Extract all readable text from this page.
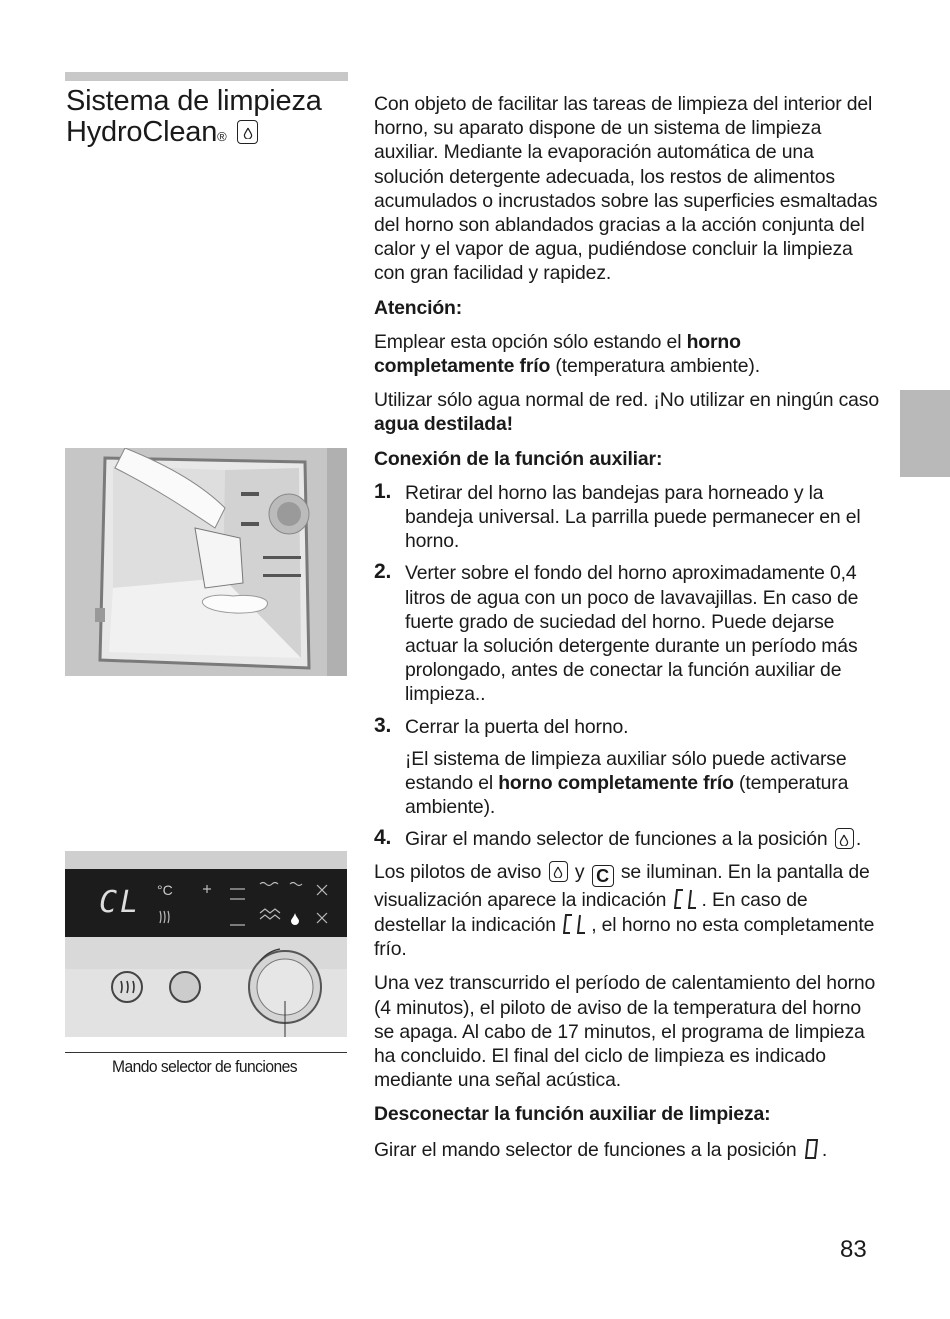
Sistema de limpieza
HydroClean®
°C
CL
Mando selector de funciones

Con objeto de facilitar las tareas de limpieza del interior del horno, su aparato dispone de un sistema de limpieza auxiliar. Mediante la evaporación automática de una solución detergente adecuada, los restos de alimentos acumulados o incrustados sobre las superficies esmaltadas del horno son ablandados gracias a la acción conjunta del calor y el vapor de agua, pudiéndose concluir la limpieza con gran facilidad y rapidez.

Atención:

Emplear esta opción sólo estando el horno completamente frío (temperatura ambiente).

Utilizar sólo agua normal de red. ¡No utilizar en ningún caso agua destilada!

Conexión de la función auxiliar:
1. Retirar del horno las bandejas para horneado y la bandeja universal. La parrilla puede permanecer en el horno.
2. Verter sobre el fondo del horno aproximadamente 0,4 litros de agua con un poco de lavavajillas. En caso de fuerte grado de suciedad del horno. Puede dejarse actuar la solución detergente durante un período más prolongado, antes de conectar la función auxiliar de limpieza..
3. Cerrar la puerta del horno.
¡El sistema de limpieza auxiliar sólo puede activarse estando el horno completamente frío (temperatura ambiente).
4. Girar el mando selector de funciones a la posición .

Los pilotos de aviso y C se iluminan. En la pantalla de visualización aparece la indicación . En caso de destellar la indicación , el horno no esta completamente frío.

Una vez transcurrido el período de calentamiento del horno (4 minutos), el piloto de aviso de la temperatura del horno se apaga. Al cabo de 17 minutos, el programa de limpieza ha concluido. El final del ciclo de limpieza es indicado mediante una señal acústica.

Desconectar la función auxiliar de limpieza:

Girar el mando selector de funciones a la posición .

83
